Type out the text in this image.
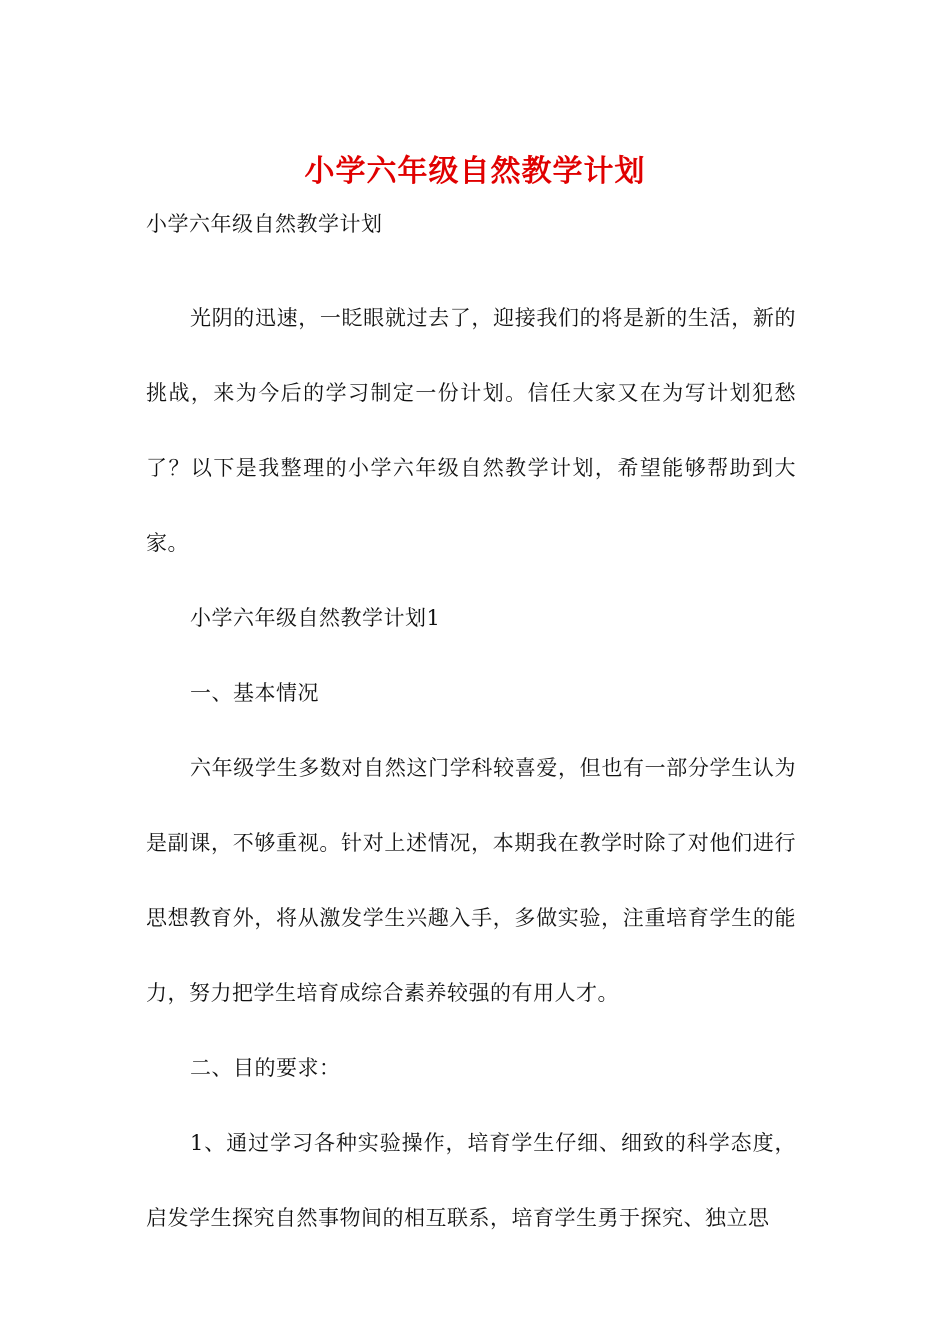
小学六年级自然教学计划
小学六年级自然教学计划

光阴的迅速，一眨眼就过去了，迎接我们的将是新的生活，新的挑战，来为今后的学习制定一份计划。信任大家又在为写计划犯愁了？以下是我整理的小学六年级自然教学计划，希望能够帮助到大家。

小学六年级自然教学计划1

一、基本情况

六年级学生多数对自然这门学科较喜爱，但也有一部分学生认为是副课，不够重视。针对上述情况，本期我在教学时除了对他们进行思想教育外，将从激发学生兴趣入手，多做实验，注重培育学生的能力，努力把学生培育成综合素养较强的有用人才。

二、目的要求：

1、通过学习各种实验操作，培育学生仔细、细致的科学态度，启发学生探究自然事物间的相互联系，培育学生勇于探究、独立思
